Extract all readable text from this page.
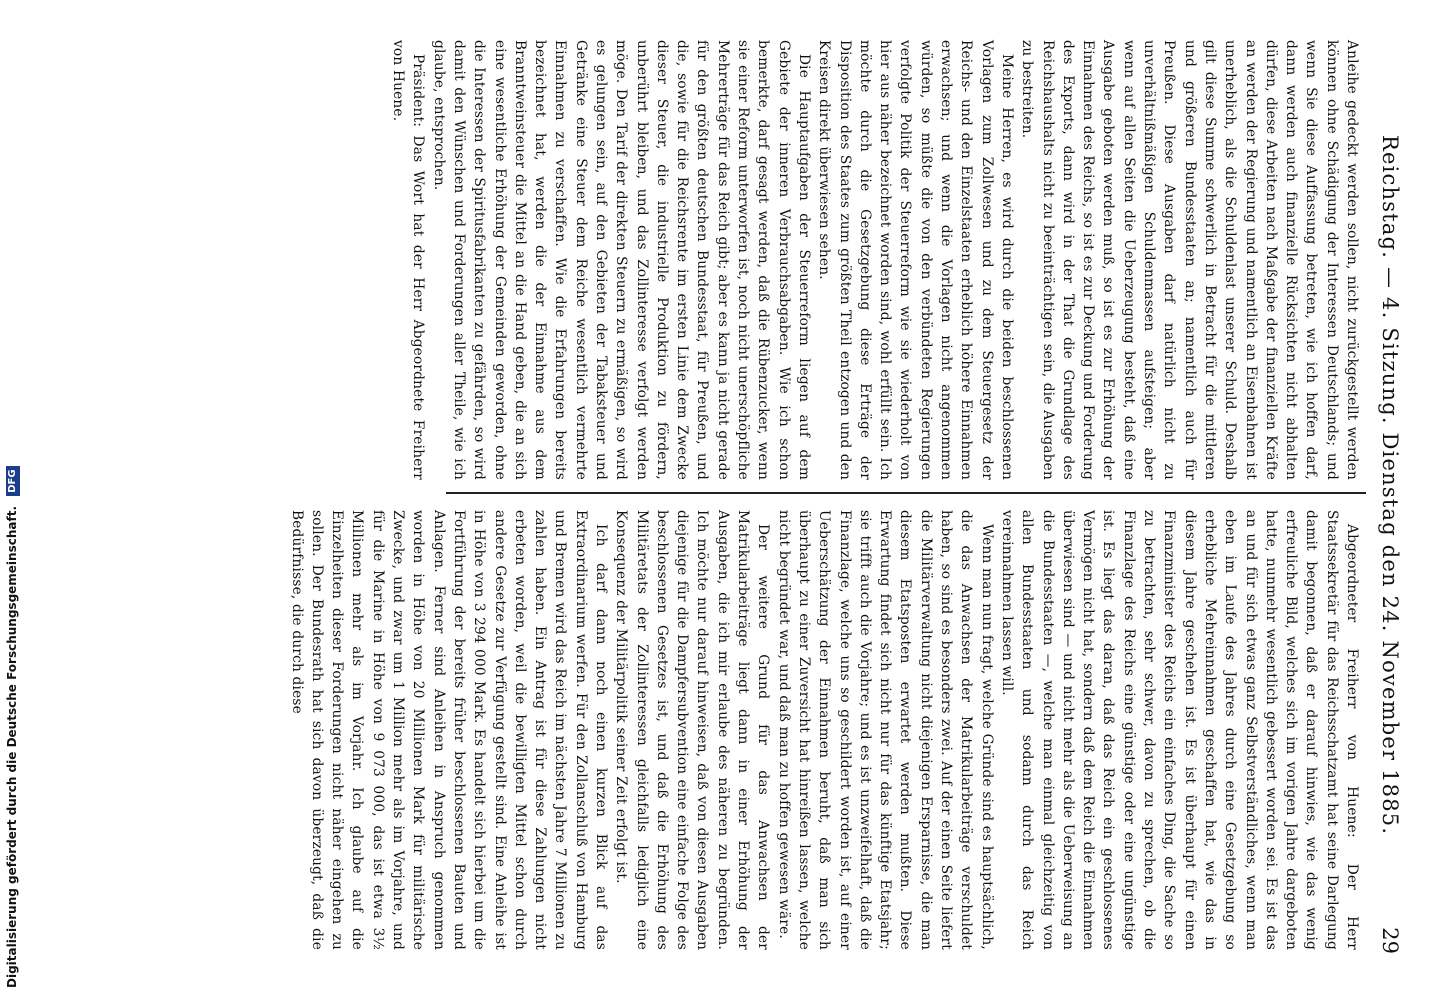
Reichstag. — 4. Sitzung. Dienstag den 24. November 1885.
29

Anleihe gedeckt werden sollen, nicht zurückgestellt werden können ohne Schädigung der Interessen Deutschlands; und wenn Sie diese Auffassung betreten, wie ich hoffen darf, dann werden auch finanzielle Rücksichten nicht abhalten dürfen, diese Arbeiten nach Maßgabe der finanziellen Kräfte an werden der Regierung und namentlich an Eisenbahnen ist unerheblich, als die Schuldenlast unserer Schuld. Deshalb gilt diese Summe schwerlich in Betracht für die mittleren und größeren Bundesstaaten an; namentlich auch für Preußen. Diese Ausgaben darf natürlich nicht zu unverhältnißmäßigen Schuldenmassen aufsteigen; aber wenn auf allen Seiten die Ueberzeugung besteht, daß eine Ausgabe geboten werden muß, so ist es zur Erhöhung der Einnahmen des Reichs, so ist es zur Deckung und Forderung des Exports, dann wird in der That die Grundlage des Reichshaushalts nicht zu beeinträchtigen sein, die Ausgaben zu bestreiten.

Meine Herren, es wird durch die beiden beschlossenen Vorlagen zum Zollwesen und zu dem Steuergesetz der Reichs- und den Einzelstaaten erheblich höhere Einnahmen erwachsen; und wenn die Vorlagen nicht angenommen würden, so müßte die von den verbündeten Regierungen verfolgte Politik der Steuerreform wie sie wiederholt von hier aus näher bezeichnet worden sind, wohl erfüllt sein. Ich möchte durch die Gesetzgebung diese Erträge der Disposition des Staates zum größten Theil entzogen und den Kreisen direkt überwiesen sehen.

Die Hauptaufgaben der Steuerreform liegen auf dem Gebiete der inneren Verbrauchsabgaben. Wie ich schon bemerkte, darf gesagt werden, daß die Rübenzucker, wenn sie einer Reform unterworfen ist, noch nicht unerschöpfliche Mehrerträge für das Reich gibt; aber es kann ja nicht gerade für den größten deutschen Bundesstaat, für Preußen, und die, sowie für die Reichsrente im ersten Linie dem Zwecke dieser Steuer, die industrielle Produktion zu fördern, unberührt bleiben, und das Zollinteresse verfolgt werden möge. Den Tarif der direkten Steuern zu ermäßigen, so wird es gelungen sein, auf den Gebieten der Tabaksteuer und Getränke eine Steuer dem Reiche wesentlich vermehrte Einnahmen zu verschaffen. Wie die Erfahrungen bereits bezeichnet hat, werden die der Einnahme aus dem Branntweinsteuer die Mittel an die Hand geben, die an sich eine wesentliche Erhöhung der Gemeinden geworden, ohne die Interessen der Spiritusfabrikanten zu gefährden, so wird damit den Wünschen und Forderungen aller Theile, wie ich glaube, entsprochen.

Präsident: Das Wort hat der Herr Abgeordnete Freiherr von Huene.

Abgeordneter Freiherr von Huene: Der Herr Staatssekretär für das Reichsschatzamt hat seine Darlegung damit begonnen, daß er darauf hinwies, wie das wenig erfreuliche Bild, welches sich im vorigen Jahre dargeboten hatte, nunmehr wesentlich gebessert worden sei. Es ist das an und für sich etwas ganz Selbstverständliches, wenn man eben im Laufe des Jahres durch eine Gesetzgebung so erhebliche Mehreinnahmen geschaffen hat, wie das in diesem Jahre geschehen ist. Es ist überhaupt für einen Finanzminister des Reichs ein einfaches Ding, die Sache so zu betrachten, sehr schwer, davon zu sprechen, ob die Finanzlage des Reichs eine günstige oder eine ungünstige ist. Es liegt das daran, daß das Reich ein geschlossenes Vermögen nicht hat, sondern daß dem Reich die Einnahmen überwiesen sind — und nicht mehr als die Ueberweisung an die Bundesstaaten —, welche man einmal gleichzeitig von allen Bundesstaaten und sodann durch das Reich vereinnahmen lassen will.

Wenn man nun fragt, welche Gründe sind es hauptsächlich, die das Anwachsen der Matrikularbeiträge verschuldet haben, so sind es besonders zwei. Auf der einen Seite liefert die Militärverwaltung nicht diejenigen Ersparnisse, die man diesem Etatsposten erwartet werden mußten. Diese Erwartung findet sich nicht nur für das künftige Etatsjahr; sie trifft auch die Vorjahre; und es ist unzweifelhaft, daß die Finanzlage, welche uns so geschildert worden ist, auf einer Ueberschätzung der Einnahmen beruht, daß man sich überhaupt zu einer Zuversicht hat hinreißen lassen, welche nicht begründet war, und daß man zu hoffen gewesen wäre.

Der weitere Grund für das Anwachsen der Matrikularbeiträge liegt dann in einer Erhöhung der Ausgaben, die ich mir erlaube des näheren zu begründen. Ich möchte nur darauf hinweisen, daß von diesen Ausgaben diejenige für die Dampfersubvention eine einfache Folge des beschlossenen Gesetzes ist, und daß die Erhöhung des Militäretats der Zollinteressen gleichfalls lediglich eine Konsequenz der Militärpolitik seiner Zeit erfolgt ist.

Ich darf dann noch einen kurzen Blick auf das Extraordinarium werfen. Für den Zollanschluß von Hamburg und Bremen wird das Reich im nächsten Jahre 7 Millionen zu zahlen haben. Ein Antrag ist für diese Zahlungen nicht erbeten worden, weil die bewilligten Mittel schon durch andere Gesetze zur Verfügung gestellt sind. Eine Anleihe ist in Höhe von 3 294 000 Mark. Es handelt sich hierbei um die Fortführung der bereits früher beschlossenen Bauten und Anlagen. Ferner sind Anleihen in Anspruch genommen worden in Höhe von 20 Millionen Mark für militärische Zwecke, und zwar um 1 Million mehr als im Vorjahre, und für die Marine in Höhe von 9 073 000, das ist etwa 3½ Millionen mehr als im Vorjahr. Ich glaube auf die Einzelheiten dieser Forderungen nicht näher eingehen zu sollen. Der Bundesrath hat sich davon überzeugt, daß die Bedürfnisse, die durch diese

Digitalisierung gefördert durch die Deutsche Forschungsgemeinschaft. DFG
